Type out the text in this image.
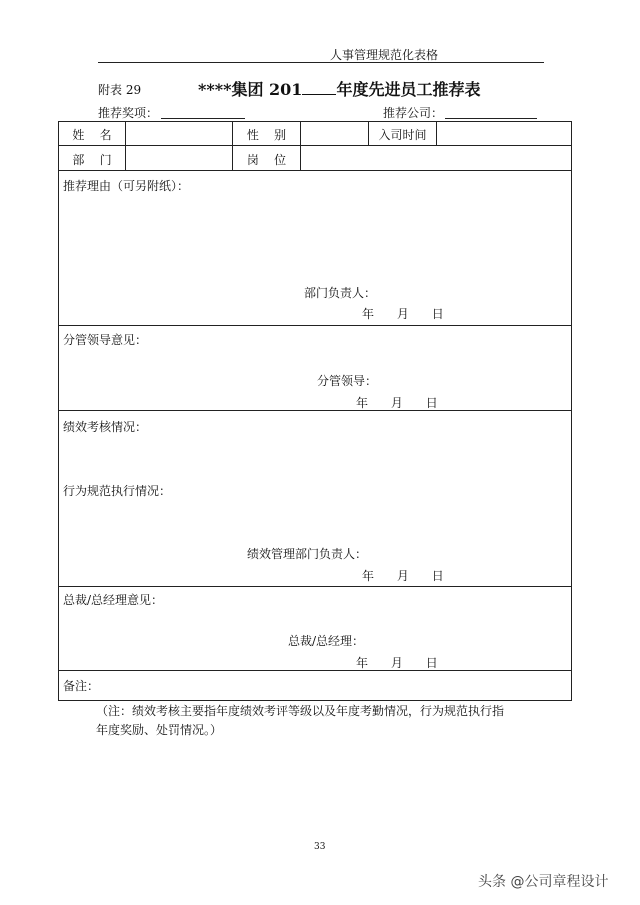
人事管理规范化表格
附表 29	****集团 201 年度先进员工推荐表
推荐奖项：	推荐公司：
姓    名	性    别	入司时间
部    门	岗    位
推荐理由（可另附纸）：
部门负责人：
年      月      日
分管领导意见：
分管领导：
年      月      日
绩效考核情况：
行为规范执行情况：
绩效管理部门负责人：
年      月      日
总裁/总经理意见：
总裁/总经理：
年      月      日
备注：
（注：绩效考核主要指年度绩效考评等级以及年度考勤情况，行为规范执行指
年度奖励、处罚情况。）
33
头条 @公司章程设计
